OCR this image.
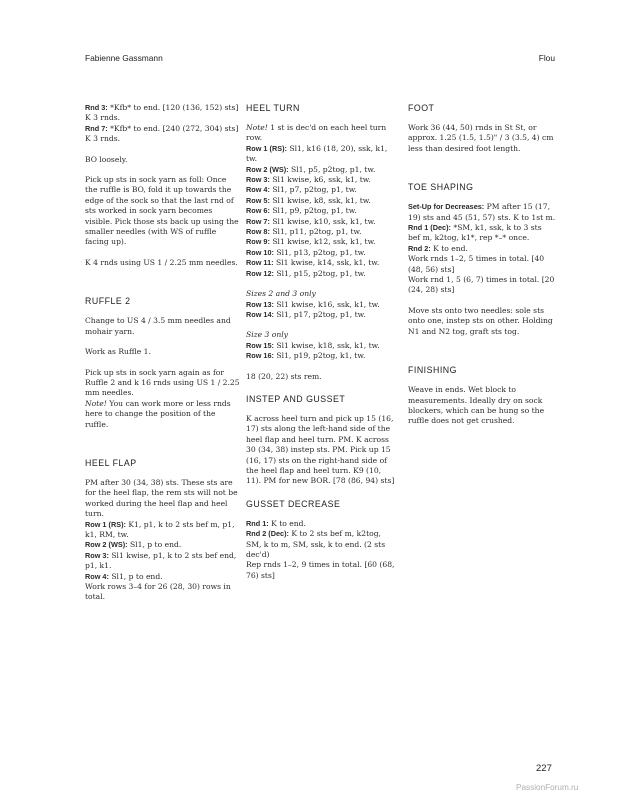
Fabienne Gassmann	Flou

Rnd 3: *Kfb* to end. [120 (136, 152) sts]

K 3 rnds.

Rnd 7: *Kfb* to end. [240 (272, 304) sts]

K 3 rnds.

BO loosely.

Pick up sts in sock yarn as foll: Once the ruffle is BO, fold it up towards the edge of the sock so that the last rnd of sts worked in sock yarn becomes visible. Pick those sts back up using the smaller needles (with WS of ruffle facing up).

K 4 rnds using US 1 / 2.25 mm needles.

RUFFLE 2

Change to US 4 / 3.5 mm needles and mohair yarn.

Work as Ruffle 1.

Pick up sts in sock yarn again as for Ruffle 2 and k 16 rnds using US 1 / 2.25 mm needles.

Note! You can work more or less rnds here to change the position of the ruffle.

HEEL FLAP

PM after 30 (34, 38) sts. These sts are for the heel flap, the rem sts will not be worked during the heel flap and heel turn.

Row 1 (RS): K1, p1, k to 2 sts bef m, p1, k1, RM, tw.

Row 2 (WS): Sl1, p to end.

Row 3: Sl1 kwise, p1, k to 2 sts bef end, p1, k1.

Row 4: Sl1, p to end.

Work rows 3–4 for 26 (28, 30) rows in total.

HEEL TURN

Note! 1 st is dec'd on each heel turn row.

Row 1 (RS): Sl1, k16 (18, 20), ssk, k1, tw.

Row 2 (WS): Sl1, p5, p2tog, p1, tw.

Row 3: Sl1 kwise, k6, ssk, k1, tw.

Row 4: Sl1, p7, p2tog, p1, tw.

Row 5: Sl1 kwise, k8, ssk, k1, tw.

Row 6: Sl1, p9, p2tog, p1, tw.

Row 7: Sl1 kwise, k10, ssk, k1, tw.

Row 8: Sl1, p11, p2tog, p1, tw.

Row 9: Sl1 kwise, k12, ssk, k1, tw.

Row 10: Sl1, p13, p2tog, p1, tw.

Row 11: Sl1 kwise, k14, ssk, k1, tw.

Row 12: Sl1, p15, p2tog, p1, tw.

Sizes 2 and 3 only

Row 13: Sl1 kwise, k16, ssk, k1, tw.

Row 14: Sl1, p17, p2tog, p1, tw.

Size 3 only

Row 15: Sl1 kwise, k18, ssk, k1, tw.

Row 16: Sl1, p19, p2tog, k1, tw.

18 (20, 22) sts rem.

INSTEP AND GUSSET

K across heel turn and pick up 15 (16, 17) sts along the left-hand side of the heel flap and heel turn. PM. K across 30 (34, 38) instep sts. PM. Pick up 15 (16, 17) sts on the right-hand side of the heel flap and heel turn. K9 (10, 11). PM for new BOR. [78 (86, 94) sts]

GUSSET DECREASE

Rnd 1: K to end.

Rnd 2 (Dec): K to 2 sts bef m, k2tog, SM, k to m, SM, ssk, k to end. (2 sts dec'd)

Rep rnds 1–2, 9 times in total. [60 (68, 76) sts]

FOOT

Work 36 (44, 50) rnds in St St, or approx. 1.25 (1.5, 1.5)" / 3 (3.5, 4) cm less than desired foot length.

TOE SHAPING

Set-Up for Decreases: PM after 15 (17, 19) sts and 45 (51, 57) sts. K to 1st m.

Rnd 1 (Dec): *SM, k1, ssk, k to 3 sts bef m, k2tog, k1*, rep *–* once.

Rnd 2: K to end.

Work rnds 1–2, 5 times in total. [40 (48, 56) sts]

Work rnd 1, 5 (6, 7) times in total. [20 (24, 28) sts]

Move sts onto two needles: sole sts onto one, instep sts on other. Holding N1 and N2 tog, graft sts tog.

FINISHING

Weave in ends. Wet block to measurements. Ideally dry on sock blockers, which can be hung so the ruffle does not get crushed.

227
PassionForum.ru
